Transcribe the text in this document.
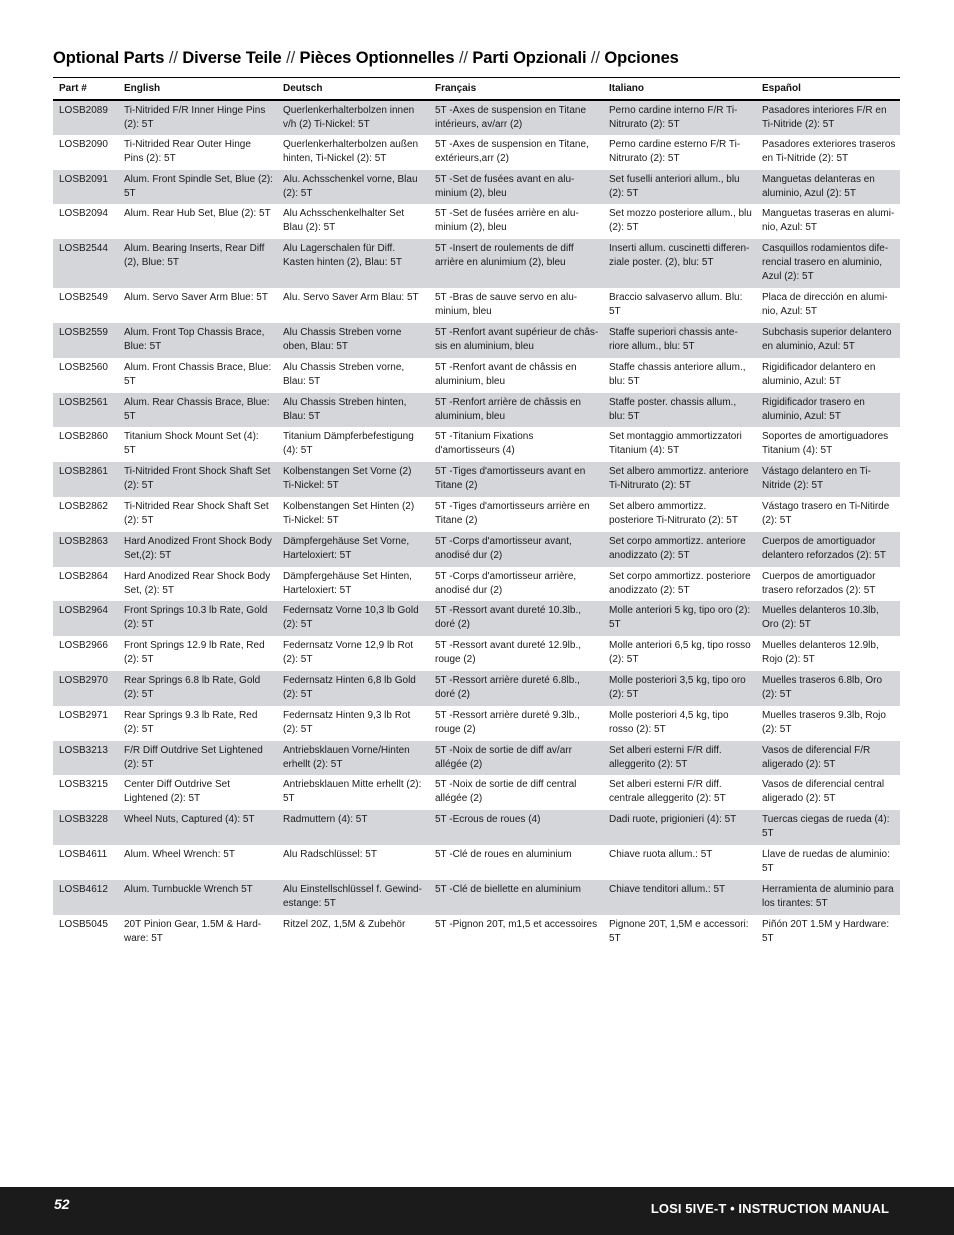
Optional Parts // Diverse Teile // Pièces Optionnelles // Parti Opzionali // Opciones
Part #	English	Deutsch	Français	Italiano	Español
LOSB2089	Ti-Nitrided F/R Inner Hinge Pins (2): 5T	Querlenkerhalterbolzen innen v/h (2) Ti-Nickel: 5T	5T -Axes de suspension en Titane intérieurs, av/arr (2)	Perno cardine interno F/R Ti-Nitrurato (2): 5T	Pasadores interiores F/R en Ti-Nitride (2): 5T
LOSB2090	Ti-Nitrided Rear Outer Hinge Pins (2): 5T	Querlenkerhalterbolzen außen hinten, Ti-Nickel (2): 5T	5T -Axes de suspension en Titane, extérieurs,arr (2)	Perno cardine esterno F/R Ti-Nitrurato (2): 5T	Pasadores exteriores traseros en Ti-Nitride (2): 5T
LOSB2091	Alum. Front Spindle Set, Blue (2): 5T	Alu. Achsschenkel vorne, Blau (2): 5T	5T -Set de fusées avant en alu-minium (2), bleu	Set fuselli anteriori allum., blu (2): 5T	Manguetas delanteras en aluminio, Azul (2): 5T
LOSB2094	Alum. Rear Hub Set, Blue (2): 5T	Alu Achsschenkelhalter Set Blau (2): 5T	5T -Set de fusées arrière en alu-minium (2), bleu	Set mozzo posteriore allum., blu (2): 5T	Manguetas traseras en alumi-nio, Azul: 5T
LOSB2544	Alum. Bearing Inserts, Rear Diff (2), Blue: 5T	Alu Lagerschalen für Diff. Kasten hinten (2), Blau: 5T	5T -Insert de roulements de diff arrière en alunimium (2), bleu	Inserti allum. cuscinetti differen-ziale poster. (2), blu: 5T	Casquillos rodamientos dife-rencial trasero en aluminio, Azul (2): 5T
LOSB2549	Alum. Servo Saver Arm Blue: 5T	Alu. Servo Saver Arm Blau: 5T	5T -Bras de sauve servo en alu-minium, bleu	Braccio salvaservo allum. Blu: 5T	Placa de dirección en alumi-nio, Azul: 5T
LOSB2559	Alum. Front Top Chassis Brace, Blue: 5T	Alu Chassis Streben vorne oben, Blau: 5T	5T -Renfort avant supérieur de châs-sis en aluminium, bleu	Staffe superiori chassis ante-riore allum., blu: 5T	Subchasis superior delantero en aluminio, Azul: 5T
LOSB2560	Alum. Front Chassis Brace, Blue: 5T	Alu Chassis Streben vorne, Blau: 5T	5T -Renfort avant de châssis en aluminium, bleu	Staffe chassis anteriore allum., blu: 5T	Rigidificador delantero en aluminio, Azul: 5T
LOSB2561	Alum. Rear Chassis Brace, Blue: 5T	Alu Chassis Streben hinten, Blau: 5T	5T -Renfort arrière de châssis en aluminium, bleu	Staffe poster. chassis allum., blu: 5T	Rigidificador trasero en aluminio, Azul: 5T
LOSB2860	Titanium Shock Mount Set (4): 5T	Titanium Dämpferbefestigung (4): 5T	5T -Titanium Fixations d'amortisseurs (4)	Set montaggio ammortizzatori Titanium (4): 5T	Soportes de amortiguadores Titanium (4): 5T
LOSB2861	Ti-Nitrided Front Shock Shaft Set (2): 5T	Kolbenstangen Set Vorne (2) Ti-Nickel: 5T	5T -Tiges d'amortisseurs avant en Titane (2)	Set albero ammortizz. anteriore Ti-Nitrurato (2): 5T	Vástago delantero en Ti-Nitride (2): 5T
LOSB2862	Ti-Nitrided Rear Shock Shaft Set (2): 5T	Kolbenstangen Set Hinten (2) Ti-Nickel: 5T	5T -Tiges d'amortisseurs arrière en Titane (2)	Set albero ammortizz. posteriore Ti-Nitrurato (2): 5T	Vástago trasero en Ti-Nitirde (2): 5T
LOSB2863	Hard Anodized Front Shock Body Set,(2): 5T	Dämpfergehäuse Set Vorne, Harteloxiert: 5T	5T -Corps d'amortisseur avant, anodisé dur (2)	Set corpo ammortizz. anteriore anodizzato (2): 5T	Cuerpos de amortiguador delantero reforzados (2): 5T
LOSB2864	Hard Anodized Rear Shock Body Set, (2): 5T	Dämpfergehäuse Set Hinten, Harteloxiert: 5T	5T -Corps d'amortisseur arrière, anodisé dur (2)	Set corpo ammortizz. posteriore anodizzato (2): 5T	Cuerpos de amortiguador trasero reforzados (2): 5T
LOSB2964	Front Springs 10.3 lb Rate, Gold (2): 5T	Federnsatz Vorne 10,3 lb Gold (2): 5T	5T -Ressort avant dureté 10.3lb., doré (2)	Molle anteriori 5 kg, tipo oro (2): 5T	Muelles delanteros 10.3lb, Oro (2): 5T
LOSB2966	Front Springs 12.9 lb Rate, Red (2): 5T	Federnsatz Vorne 12,9 lb Rot (2): 5T	5T -Ressort avant dureté 12.9lb., rouge (2)	Molle anteriori 6,5 kg, tipo rosso (2): 5T	Muelles delanteros 12.9lb, Rojo (2): 5T
LOSB2970	Rear Springs 6.8 lb Rate, Gold (2): 5T	Federnsatz Hinten 6,8 lb Gold (2): 5T	5T -Ressort arrière dureté 6.8lb., doré (2)	Molle posteriori 3,5 kg, tipo oro (2): 5T	Muelles traseros 6.8lb, Oro (2): 5T
LOSB2971	Rear Springs 9.3 lb Rate, Red (2): 5T	Federnsatz Hinten 9,3 lb Rot (2): 5T	5T -Ressort arrière dureté 9.3lb., rouge (2)	Molle posteriori 4,5 kg, tipo rosso (2): 5T	Muelles traseros 9.3lb, Rojo (2): 5T
LOSB3213	F/R Diff Outdrive Set Lightened (2): 5T	Antriebsklauen Vorne/Hinten erhellt (2): 5T	5T -Noix de sortie de diff av/arr allégée (2)	Set alberi esterni F/R diff. alleggerito (2): 5T	Vasos de diferencial F/R aligerado (2): 5T
LOSB3215	Center Diff Outdrive Set Lightened (2): 5T	Antriebsklauen Mitte erhellt (2): 5T	5T -Noix de sortie de diff central allégée (2)	Set alberi esterni F/R diff. centrale alleggerito (2): 5T	Vasos de diferencial central aligerado (2): 5T
LOSB3228	Wheel Nuts, Captured (4): 5T	Radmuttern (4): 5T	5T -Ecrous de roues (4)	Dadi ruote, prigionieri (4): 5T	Tuercas ciegas de rueda (4): 5T
LOSB4611	Alum. Wheel Wrench: 5T	Alu Radschlüssel: 5T	5T -Clé de roues en aluminium	Chiave ruota allum.: 5T	Llave de ruedas de aluminio: 5T
LOSB4612	Alum. Turnbuckle Wrench 5T	Alu Einstellschlüssel f. Gewind-estange: 5T	5T -Clé de biellette en aluminium	Chiave tenditori allum.: 5T	Herramienta de aluminio para los tirantes: 5T
LOSB5045	20T Pinion Gear, 1.5M & Hard-ware: 5T	Ritzel 20Z, 1,5M & Zubehör	5T -Pignon 20T, m1,5 et accessoires	Pignone 20T, 1,5M e accessori: 5T	Piñón 20T 1.5M y Hardware: 5T
52	LOSI 5IVE-T • INSTRUCTION MANUAL
